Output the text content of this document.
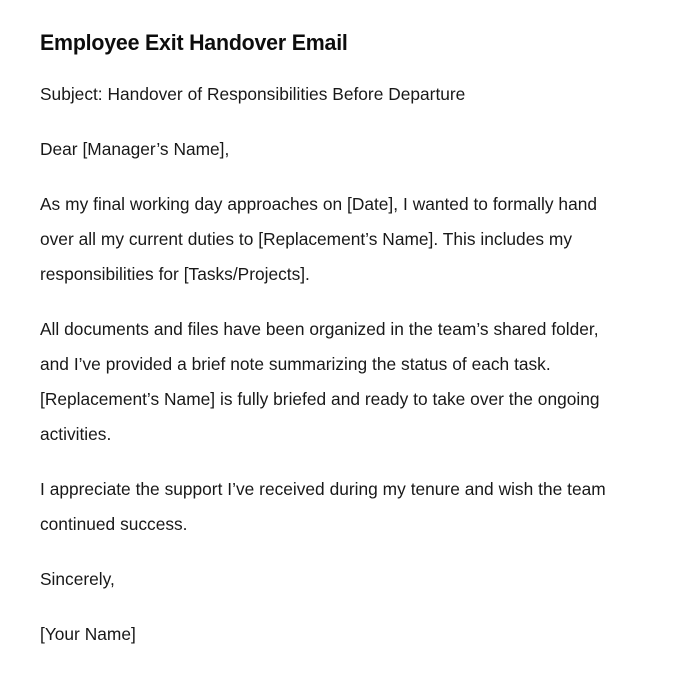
Employee Exit Handover Email

Subject: Handover of Responsibilities Before Departure

Dear [Manager’s Name],

As my final working day approaches on [Date], I wanted to formally hand over all my current duties to [Replacement’s Name]. This includes my responsibilities for [Tasks/Projects].

All documents and files have been organized in the team’s shared folder, and I’ve provided a brief note summarizing the status of each task. [Replacement’s Name] is fully briefed and ready to take over the ongoing activities.

I appreciate the support I’ve received during my tenure and wish the team continued success.

Sincerely,

[Your Name]
